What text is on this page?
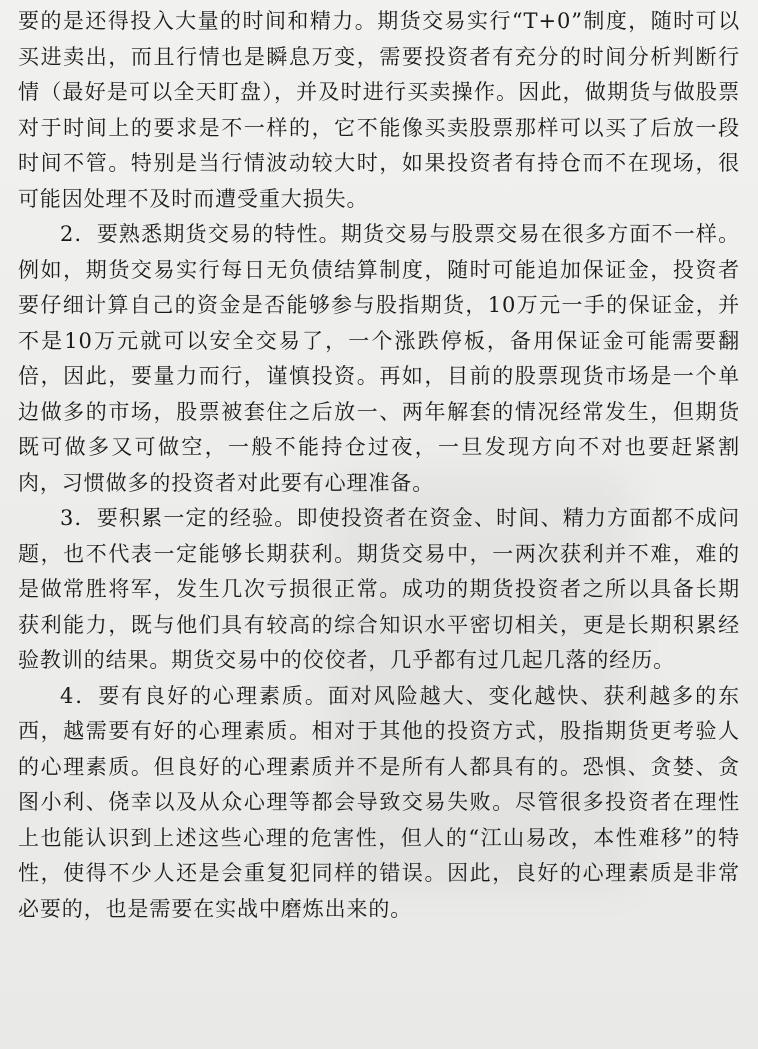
要的是还得投入大量的时间和精力。期货交易实行“T+0”制度，随时可以买进卖出，而且行情也是瞬息万变，需要投资者有充分的时间分析判断行情（最好是可以全天盯盘），并及时进行买卖操作。因此，做期货与做股票对于时间上的要求是不一样的，它不能像买卖股票那样可以买了后放一段时间不管。特别是当行情波动较大时，如果投资者有持仓而不在现场，很可能因处理不及时而遭受重大损失。

2．要熟悉期货交易的特性。期货交易与股票交易在很多方面不一样。例如，期货交易实行每日无负债结算制度，随时可能追加保证金，投资者要仔细计算自己的资金是否能够参与股指期货，10万元一手的保证金，并不是10万元就可以安全交易了，一个涨跌停板，备用保证金可能需要翻倍，因此，要量力而行，谨慎投资。再如，目前的股票现货市场是一个单边做多的市场，股票被套住之后放一、两年解套的情况经常发生，但期货既可做多又可做空，一般不能持仓过夜，一旦发现方向不对也要赶紧割肉，习惯做多的投资者对此要有心理准备。

3．要积累一定的经验。即使投资者在资金、时间、精力方面都不成问题，也不代表一定能够长期获利。期货交易中，一两次获利并不难，难的是做常胜将军，发生几次亏损很正常。成功的期货投资者之所以具备长期获利能力，既与他们具有较高的综合知识水平密切相关，更是长期积累经验教训的结果。期货交易中的佼佼者，几乎都有过几起几落的经历。

4．要有良好的心理素质。面对风险越大、变化越快、获利越多的东西，越需要有好的心理素质。相对于其他的投资方式，股指期货更考验人的心理素质。但良好的心理素质并不是所有人都具有的。恐惧、贪婪、贪图小利、侥幸以及从众心理等都会导致交易失败。尽管很多投资者在理性上也能认识到上述这些心理的危害性，但人的“江山易改，本性难移”的特性，使得不少人还是会重复犯同样的错误。因此，良好的心理素质是非常必要的，也是需要在实战中磨炼出来的。
